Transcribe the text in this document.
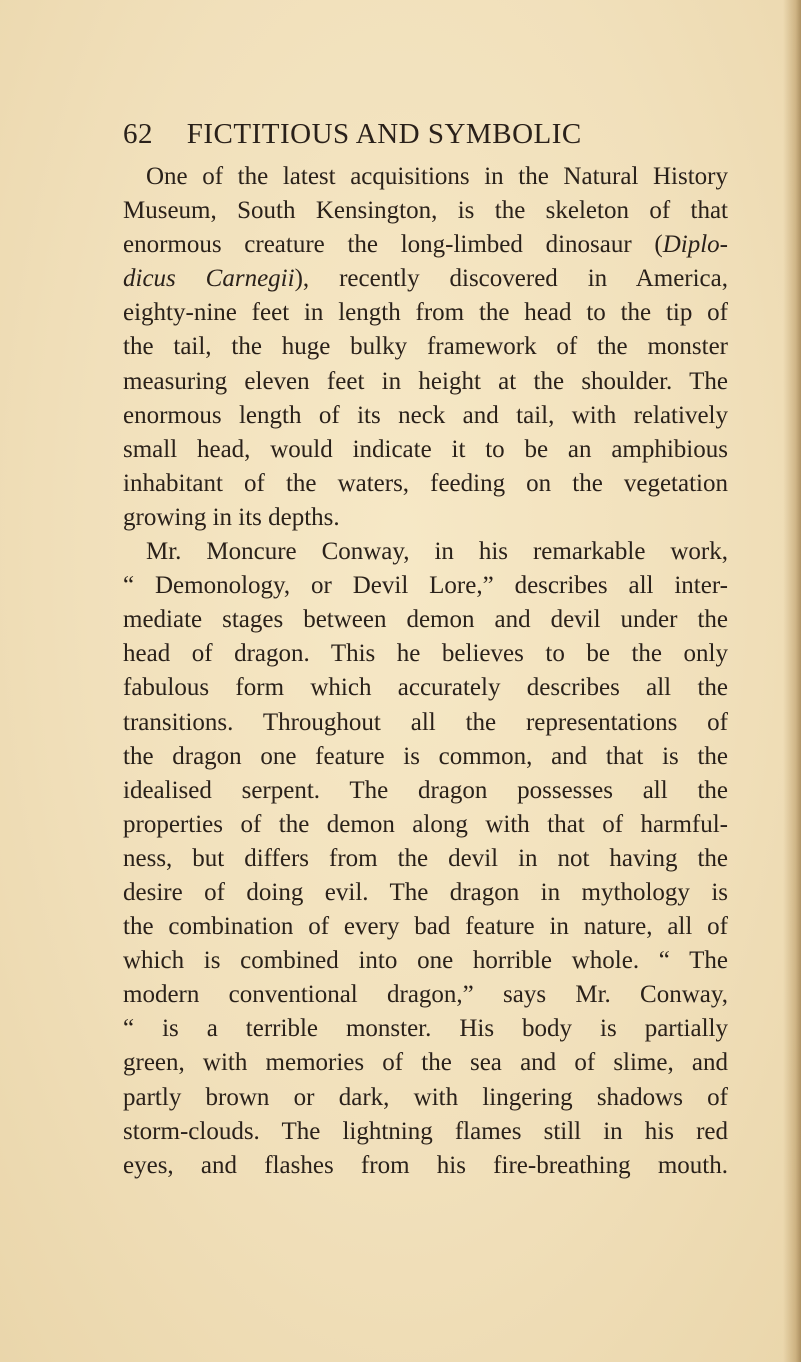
62 FICTITIOUS AND SYMBOLIC
One of the latest acquisitions in the Natural History
Museum, South Kensington, is the skeleton of that
enormous creature the long-limbed dinosaur (Diplo-
dicus Carnegii), recently discovered in America,
eighty-nine feet in length from the head to the tip of
the tail, the huge bulky framework of the monster
measuring eleven feet in height at the shoulder. The
enormous length of its neck and tail, with relatively
small head, would indicate it to be an amphibious
inhabitant of the waters, feeding on the vegetation
growing in its depths.
Mr. Moncure Conway, in his remarkable work,
“ Demonology, or Devil Lore,” describes all inter-
mediate stages between demon and devil under the
head of dragon. This he believes to be the only
fabulous form which accurately describes all the
transitions. Throughout all the representations of
the dragon one feature is common, and that is the
idealised serpent. The dragon possesses all the
properties of the demon along with that of harmful-
ness, but differs from the devil in not having the
desire of doing evil. The dragon in mythology is
the combination of every bad feature in nature, all of
which is combined into one horrible whole. “ The
modern conventional dragon,” says Mr. Conway,
“ is a terrible monster. His body is partially
green, with memories of the sea and of slime, and
partly brown or dark, with lingering shadows of
storm-clouds. The lightning flames still in his red
eyes, and flashes from his fire-breathing mouth.
